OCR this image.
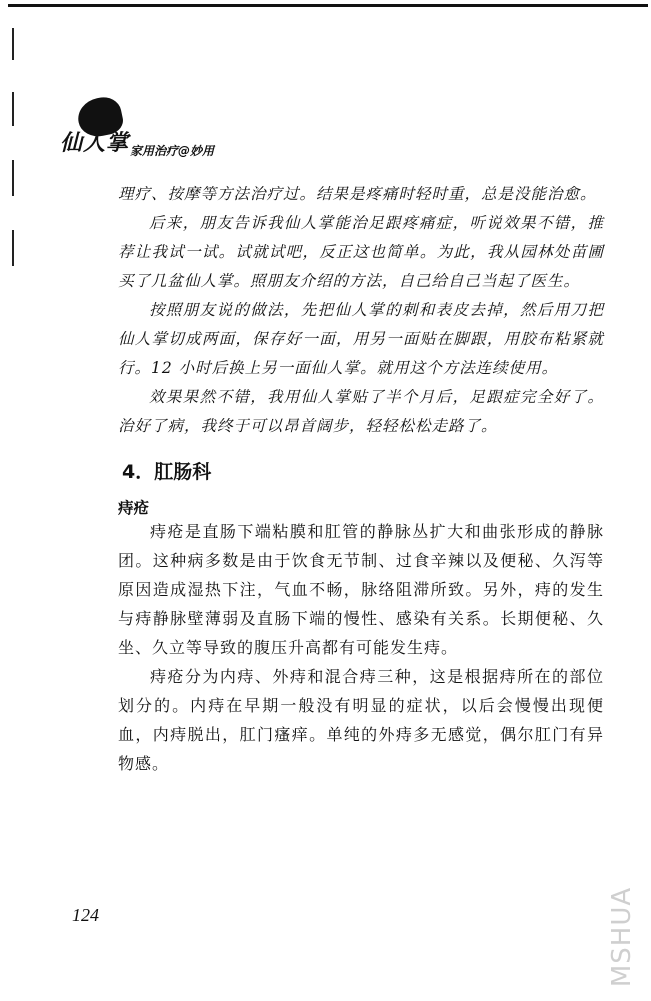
仙人掌 家用治疗@妙用

理疗、按摩等方法治疗过。结果是疼痛时轻时重，总是没能治愈。

后来，朋友告诉我仙人掌能治足跟疼痛症，听说效果不错，推荐让我试一试。试就试吧，反正这也简单。为此，我从园林处苗圃买了几盆仙人掌。照朋友介绍的方法，自己给自己当起了医生。

按照朋友说的做法，先把仙人掌的刺和表皮去掉，然后用刀把仙人掌切成两面，保存好一面，用另一面贴在脚跟，用胶布粘紧就行。12 小时后换上另一面仙人掌。就用这个方法连续使用。

效果果然不错，我用仙人掌贴了半个月后，足跟症完全好了。治好了病，我终于可以昂首阔步，轻轻松松走路了。

4．肛肠科
痔疮

痔疮是直肠下端粘膜和肛管的静脉丛扩大和曲张形成的静脉团。这种病多数是由于饮食无节制、过食辛辣以及便秘、久泻等原因造成湿热下注，气血不畅，脉络阻滞所致。另外，痔的发生与痔静脉壁薄弱及直肠下端的慢性、感染有关系。长期便秘、久坐、久立等导致的腹压升高都有可能发生痔。

痔疮分为内痔、外痔和混合痔三种，这是根据痔所在的部位划分的。内痔在早期一般没有明显的症状，以后会慢慢出现便血，内痔脱出，肛门瘙痒。单纯的外痔多无感觉，偶尔肛门有异物感。

124	MSHUA
